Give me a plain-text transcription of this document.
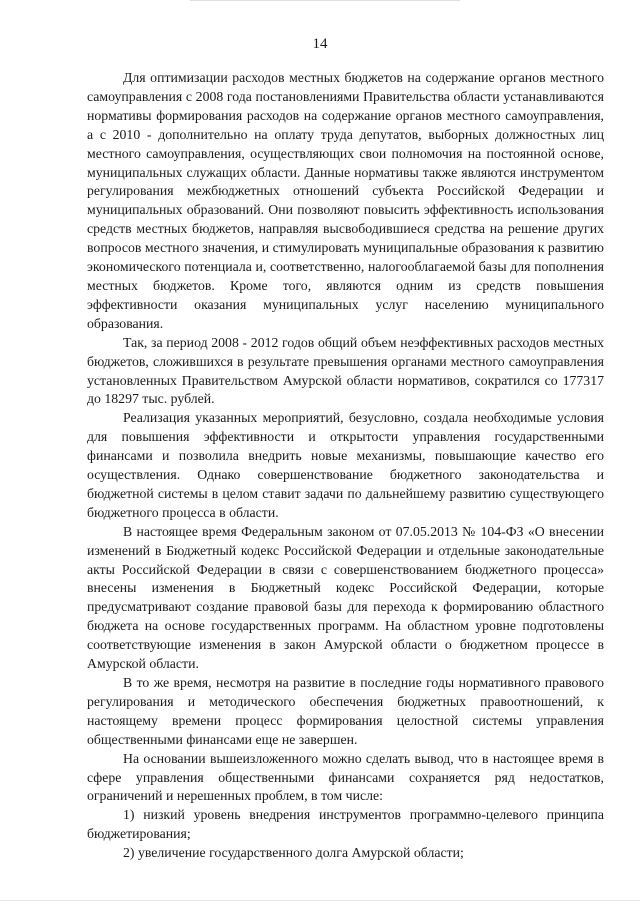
14

Для оптимизации расходов местных бюджетов на содержание органов местного самоуправления с 2008 года постановлениями Правительства области устанавливаются нормативы формирования расходов на содержание органов местного самоуправления, а с 2010 - дополнительно на оплату труда депутатов, выборных должностных лиц местного самоуправления, осуществляющих свои полномочия на постоянной основе, муниципальных служащих области. Данные нормативы также являются инструментом регулирования межбюджетных отношений субъекта Российской Федерации и муниципальных образований. Они позволяют повысить эффективность использования средств местных бюджетов, направляя высвободившиеся средства на решение других вопросов местного значения, и стимулировать муниципальные образования к развитию экономического потенциала и, соответственно, налогооблагаемой базы для пополнения местных бюджетов. Кроме того, являются одним из средств повышения эффективности оказания муниципальных услуг населению муниципального образования.

Так, за период 2008 - 2012 годов общий объем неэффективных расходов местных бюджетов, сложившихся в результате превышения органами местного самоуправления установленных Правительством Амурской области нормативов, сократился со 177317 до 18297 тыс. рублей.

Реализация указанных мероприятий, безусловно, создала необходимые условия для повышения эффективности и открытости управления государственными финансами и позволила внедрить новые механизмы, повышающие качество его осуществления. Однако совершенствование бюджетного законодательства и бюджетной системы в целом ставит задачи по дальнейшему развитию существующего бюджетного процесса в области.

В настоящее время Федеральным законом от 07.05.2013 № 104-ФЗ «О внесении изменений в Бюджетный кодекс Российской Федерации и отдельные законодательные акты Российской Федерации в связи с совершенствованием бюджетного процесса» внесены изменения в Бюджетный кодекс Российской Федерации, которые предусматривают создание правовой базы для перехода к формированию областного бюджета на основе государственных программ. На областном уровне подготовлены соответствующие изменения в закон Амурской области о бюджетном процессе в Амурской области.

В то же время, несмотря на развитие в последние годы нормативного правового регулирования и методического обеспечения бюджетных правоотношений, к настоящему времени процесс формирования целостной системы управления общественными финансами еще не завершен.

На основании вышеизложенного можно сделать вывод, что в настоящее время в сфере управления общественными финансами сохраняется ряд недостатков, ограничений и нерешенных проблем, в том числе:

1) низкий уровень внедрения инструментов программно-целевого принципа бюджетирования;

2) увеличение государственного долга Амурской области;
